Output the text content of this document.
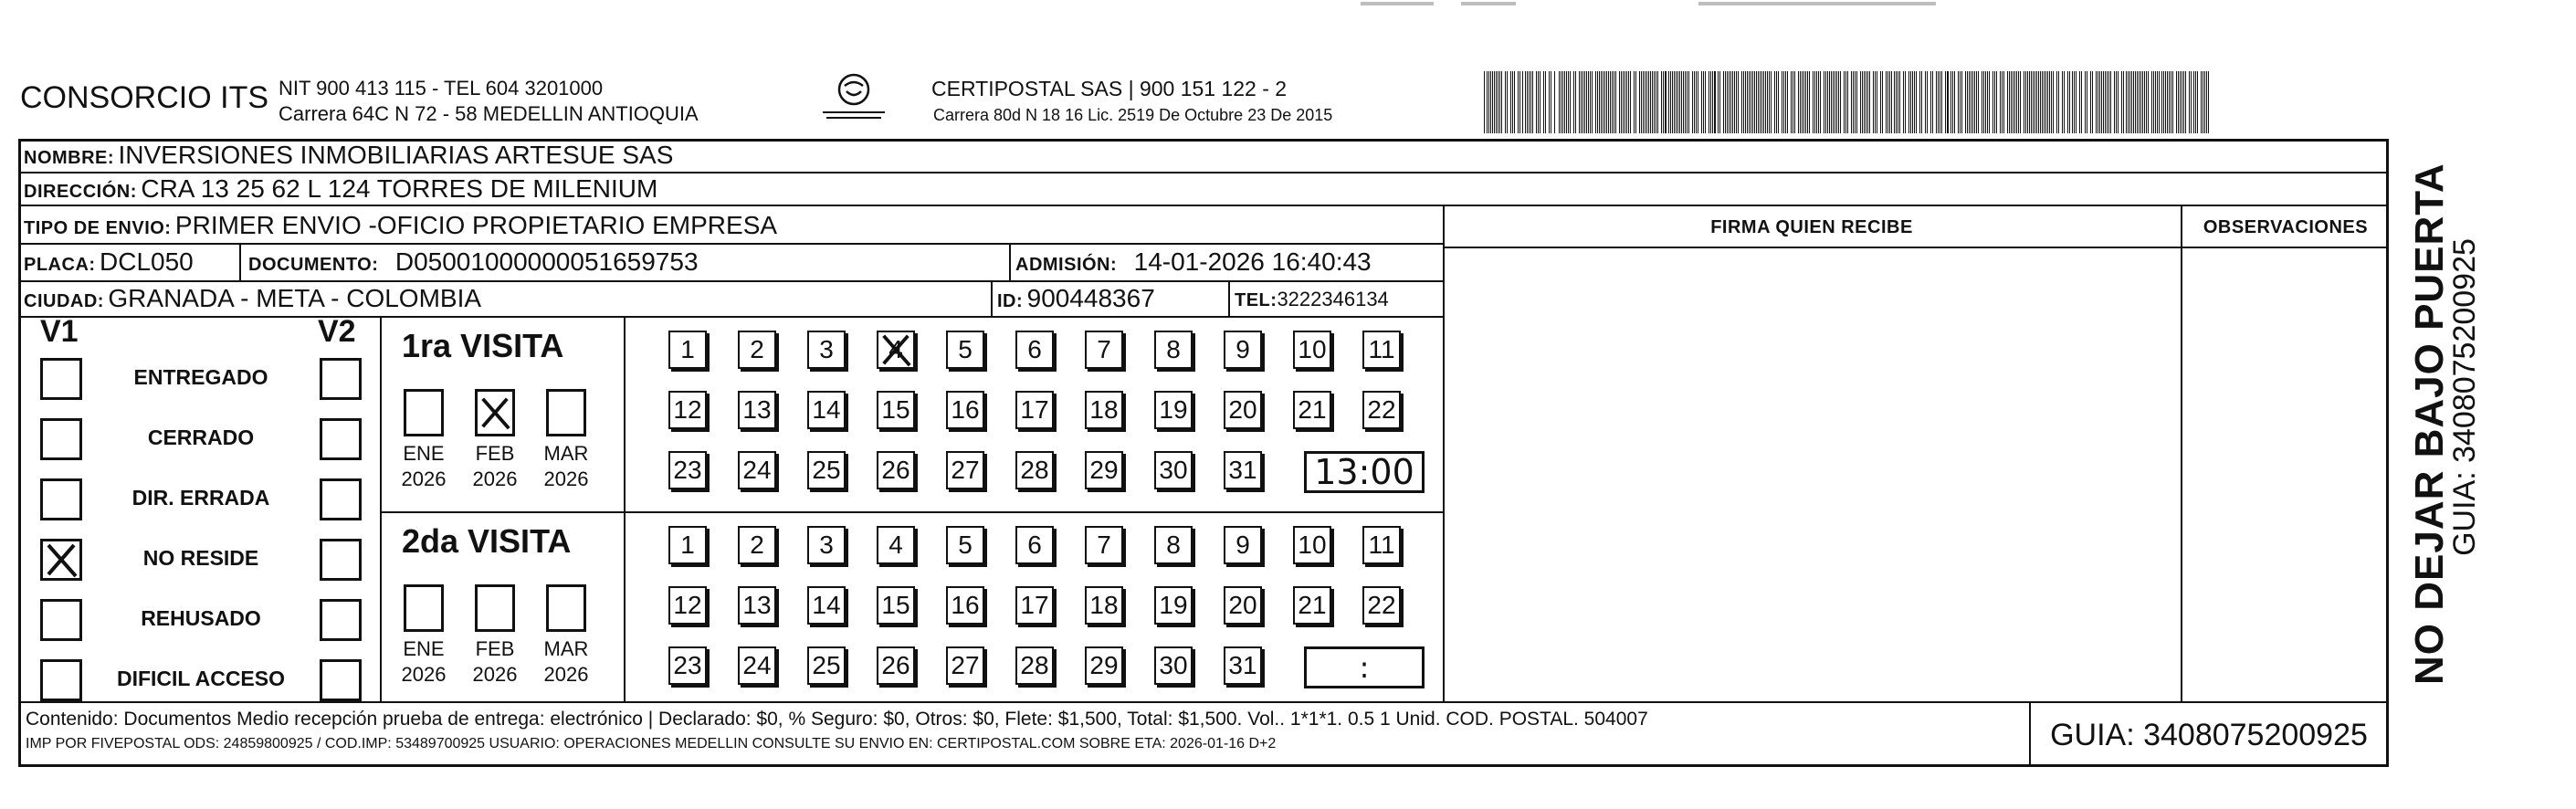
CONSORCIO ITS NIT 900 413 115 - TEL 604 3201000
Carrera 64C N 72 - 58 MEDELLIN ANTIOQUIA
CERTIPOSTAL SAS | 900 151 122 - 2
Carrera 80d N 18 16 Lic. 2519 De Octubre 23 De 2015
NOMBRE: INVERSIONES INMOBILIARIAS ARTESUE SAS
DIRECCIÓN: CRA 13 25 62 L 124 TORRES DE MILENIUM
TIPO DE ENVIO: PRIMER ENVIO -OFICIO PROPIETARIO EMPRESA	FIRMA QUIEN RECIBE	OBSERVACIONES
PLACA: DCL050	DOCUMENTO: D05001000000051659753	ADMISIÓN: 14-01-2026 16:40:43
CIUDAD: GRANADA - META - COLOMBIA	ID: 900448367	TEL:3222346134
V1	V2
ENTREGADO
CERRADO
DIR. ERRADA
NO RESIDE
REHUSADO
DIFICIL ACCESO
1ra VISITA
ENE
2026
FEB
2026
MAR
2026
1	2	3	4	5	6	7	8	9	10 11
12 13 14 15 16 17 18 19 20 21 22
23 24 25 26 27 28 29 30 31 13:00
2da VISITA
ENE
2026
FEB
2026
MAR
2026
1	2	3	4	5	6	7	8	9	10 11
12 13 14 15 16 17 18 19 20 21 22
23 24 25 26 27 28 29 30 31	:
Contenido: Documentos Medio recepción prueba de entrega: electrónico | Declarado: $0, % Seguro: $0, Otros: $0, Flete: $1,500, Total: $1,500. Vol.. 1*1*1. 0.5 1 Unid. COD. POSTAL. 504007
IMP POR FIVEPOSTAL ODS: 24859800925 / COD.IMP: 53489700925 USUARIO: OPERACIONES MEDELLIN CONSULTE SU ENVIO EN: CERTIPOSTAL.COM SOBRE ETA: 2026-01-16 D+2	GUIA: 3408075200925
NO DEJAR BAJO PUERTA
GUIA: 3408075200925
